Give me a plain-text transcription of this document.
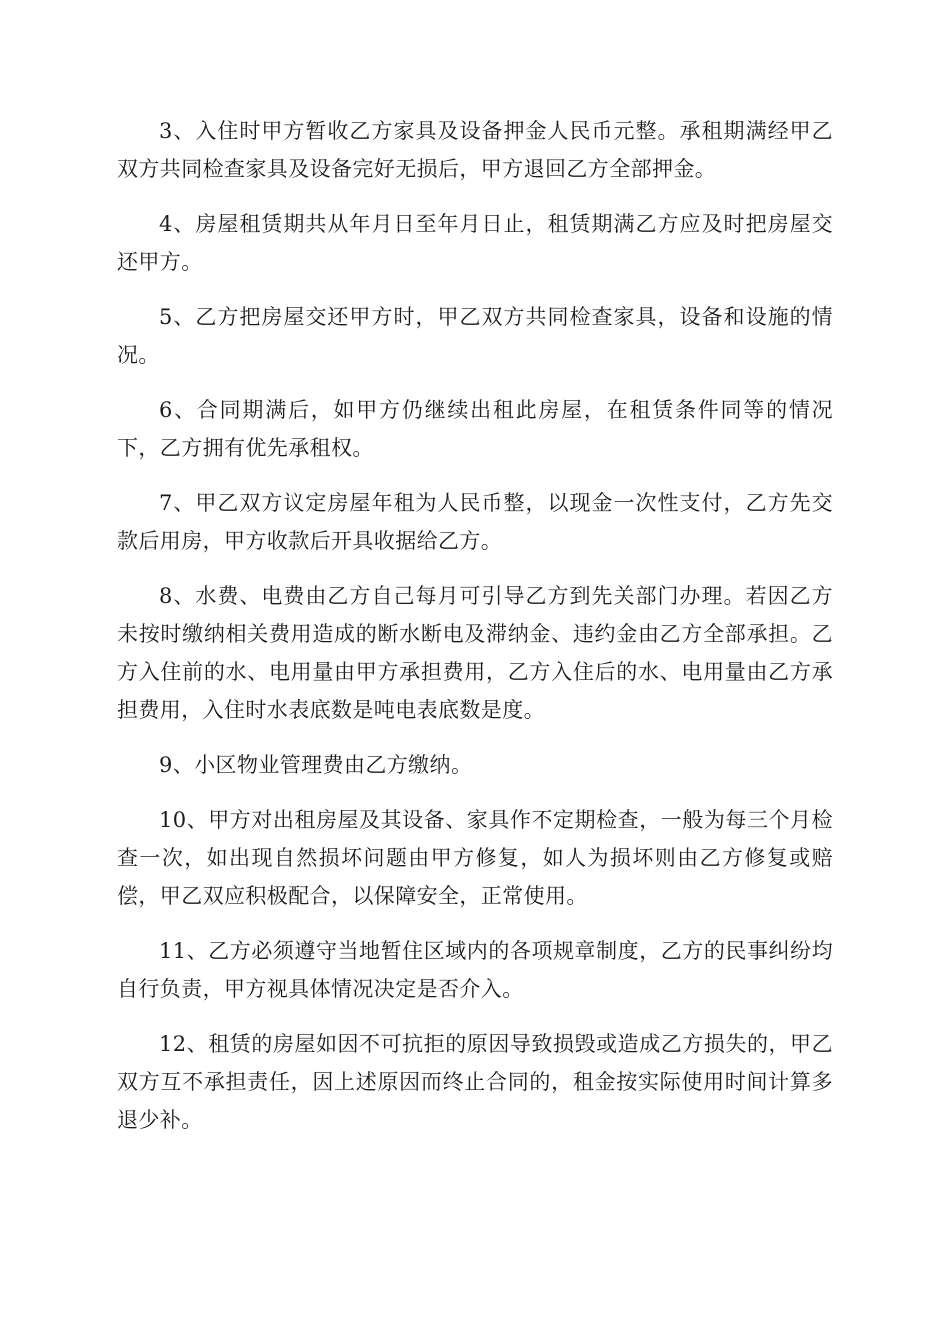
3、入住时甲方暂收乙方家具及设备押金人民币元整。承租期满经甲乙双方共同检查家具及设备完好无损后，甲方退回乙方全部押金。

4、房屋租赁期共从年月日至年月日止，租赁期满乙方应及时把房屋交还甲方。

5、乙方把房屋交还甲方时，甲乙双方共同检查家具，设备和设施的情况。

6、合同期满后，如甲方仍继续出租此房屋，在租赁条件同等的情况下，乙方拥有优先承租权。

7、甲乙双方议定房屋年租为人民币整，以现金一次性支付，乙方先交款后用房，甲方收款后开具收据给乙方。

8、水费、电费由乙方自己每月可引导乙方到先关部门办理。若因乙方未按时缴纳相关费用造成的断水断电及滞纳金、违约金由乙方全部承担。乙方入住前的水、电用量由甲方承担费用，乙方入住后的水、电用量由乙方承担费用，入住时水表底数是吨电表底数是度。

9、小区物业管理费由乙方缴纳。

10、甲方对出租房屋及其设备、家具作不定期检查，一般为每三个月检查一次，如出现自然损坏问题由甲方修复，如人为损坏则由乙方修复或赔偿，甲乙双应积极配合，以保障安全，正常使用。

11、乙方必须遵守当地暂住区域内的各项规章制度，乙方的民事纠纷均自行负责，甲方视具体情况决定是否介入。

12、租赁的房屋如因不可抗拒的原因导致损毁或造成乙方损失的，甲乙双方互不承担责任，因上述原因而终止合同的，租金按实际使用时间计算多退少补。
